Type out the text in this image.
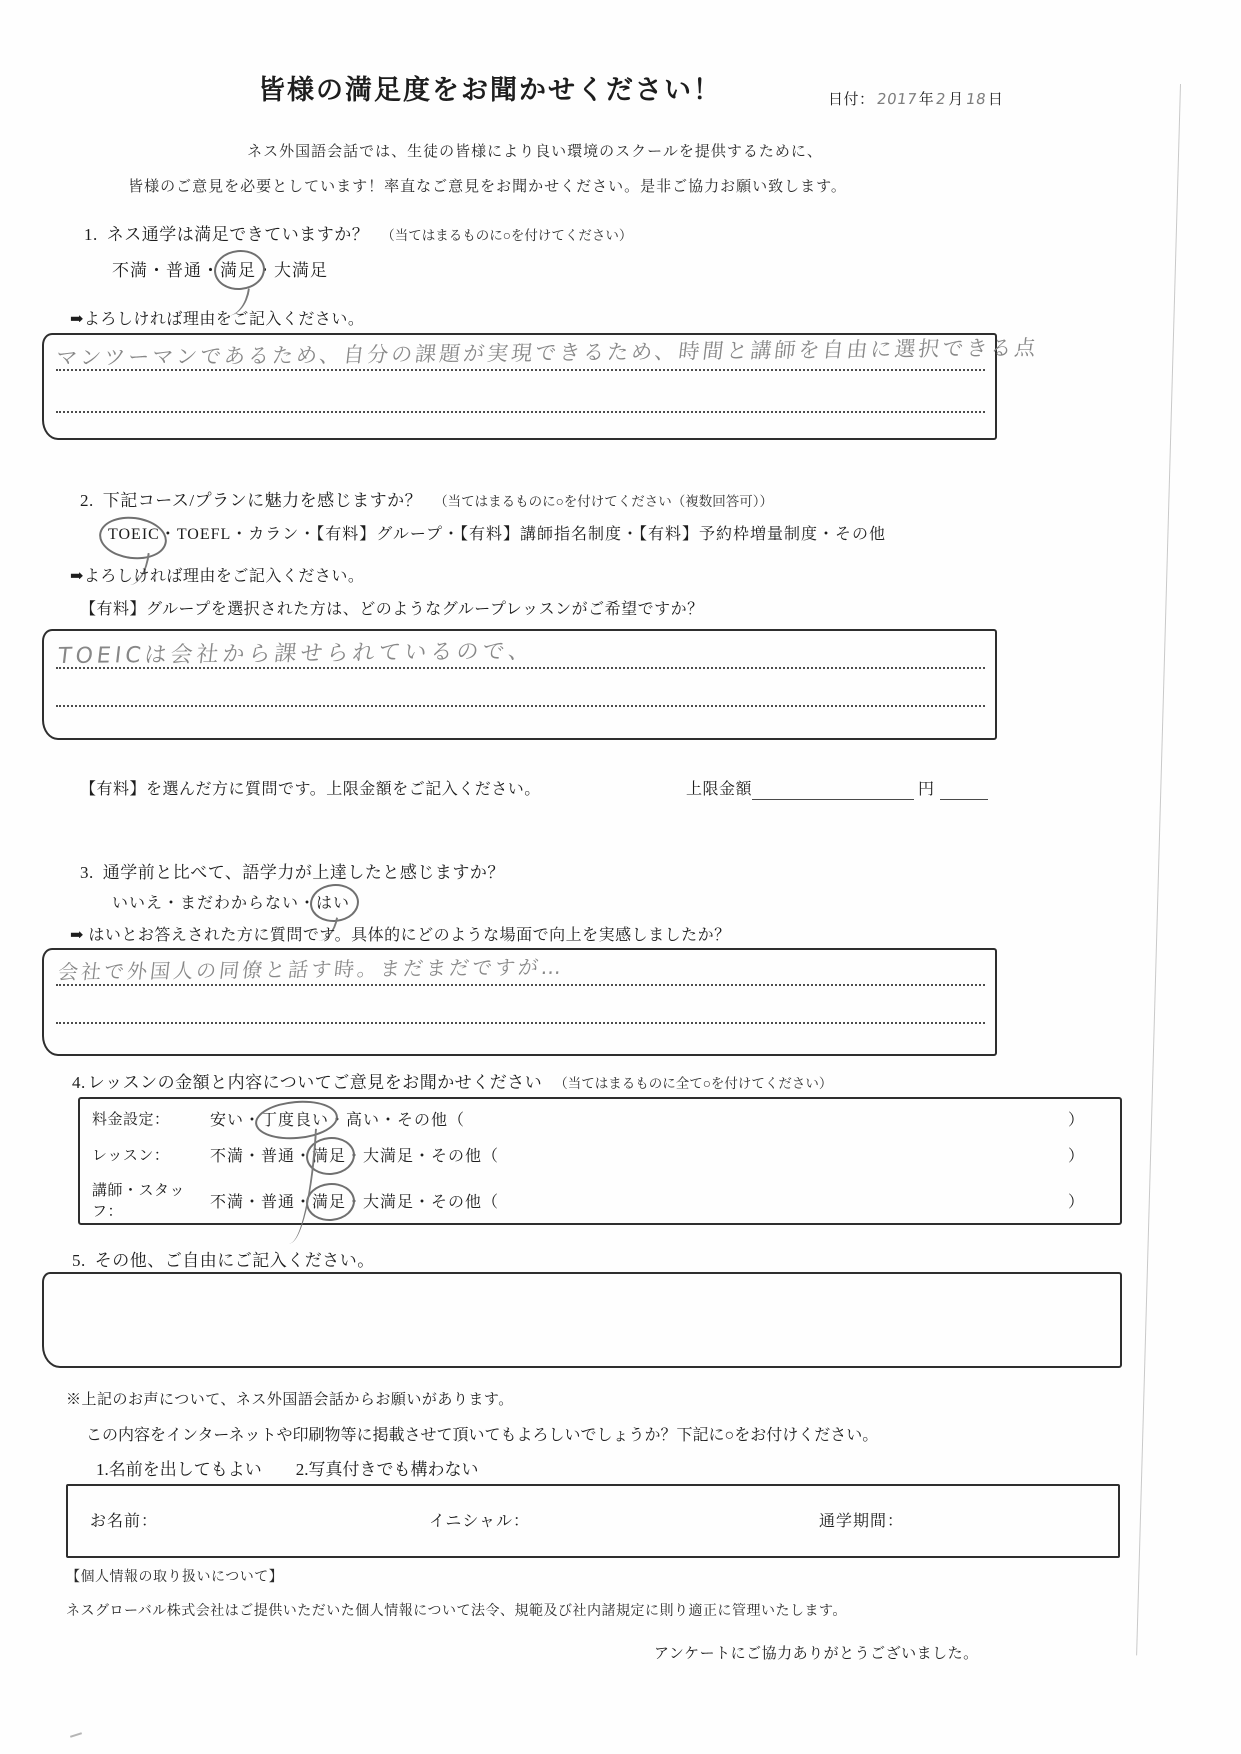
皆様の満足度をお聞かせください！	日付：2017年2月18日
ネス外国語会話では、生徒の皆様により良い環境のスクールを提供するために、
皆様のご意見を必要としています！率直なご意見をお聞かせください。是非ご協力お願い致します。
1. ネス通学は満足できていますか？ （当てはまるものに○を付けてください）
不満・普通・満足・大満足
➡よろしければ理由をご記入ください。
マンツーマンであるため、自分の課題が実現できるため、時間と講師を自由に選択できる点
2. 下記コース/プランに魅力を感じますか？ （当てはまるものに○を付けてください（複数回答可））
TOEIC・TOEFL・カラン・【有料】グループ・【有料】講師指名制度・【有料】予約枠増量制度・その他
➡よろしければ理由をご記入ください。
【有料】グループを選択された方は、どのようなグループレッスンがご希望ですか？
TOEICは会社から課せられているので、
【有料】を選んだ方に質問です。上限金額をご記入ください。	上限金額	円
3. 通学前と比べて、語学力が上達したと感じますか？
いいえ・まだわからない・はい
➡ はいとお答えされた方に質問です。具体的にどのような場面で向上を実感しましたか？
会社で外国人の同僚と話す時。まだまだですが…
4. レッスンの金額と内容についてご意見をお聞かせください （当てはまるものに全て○を付けてください）
料金設定：	安い・丁度良い・高い・その他（	）
レッスン：	不満・普通・満足・大満足・その他（	）
講師・スタッフ：
不満・普通・満足・大満足・その他（	）
5. その他、ご自由にご記入ください。
※上記のお声について、ネス外国語会話からお願いがあります。
この内容をインターネットや印刷物等に掲載させて頂いてもよろしいでしょうか？下記に○をお付けください。
1.名前を出してもよい　　2.写真付きでも構わない
お名前：	イニシャル：	通学期間：
【個人情報の取り扱いについて】
ネスグローバル株式会社はご提供いただいた個人情報について法令、規範及び社内諸規定に則り適正に管理いたします。
アンケートにご協力ありがとうございました。
